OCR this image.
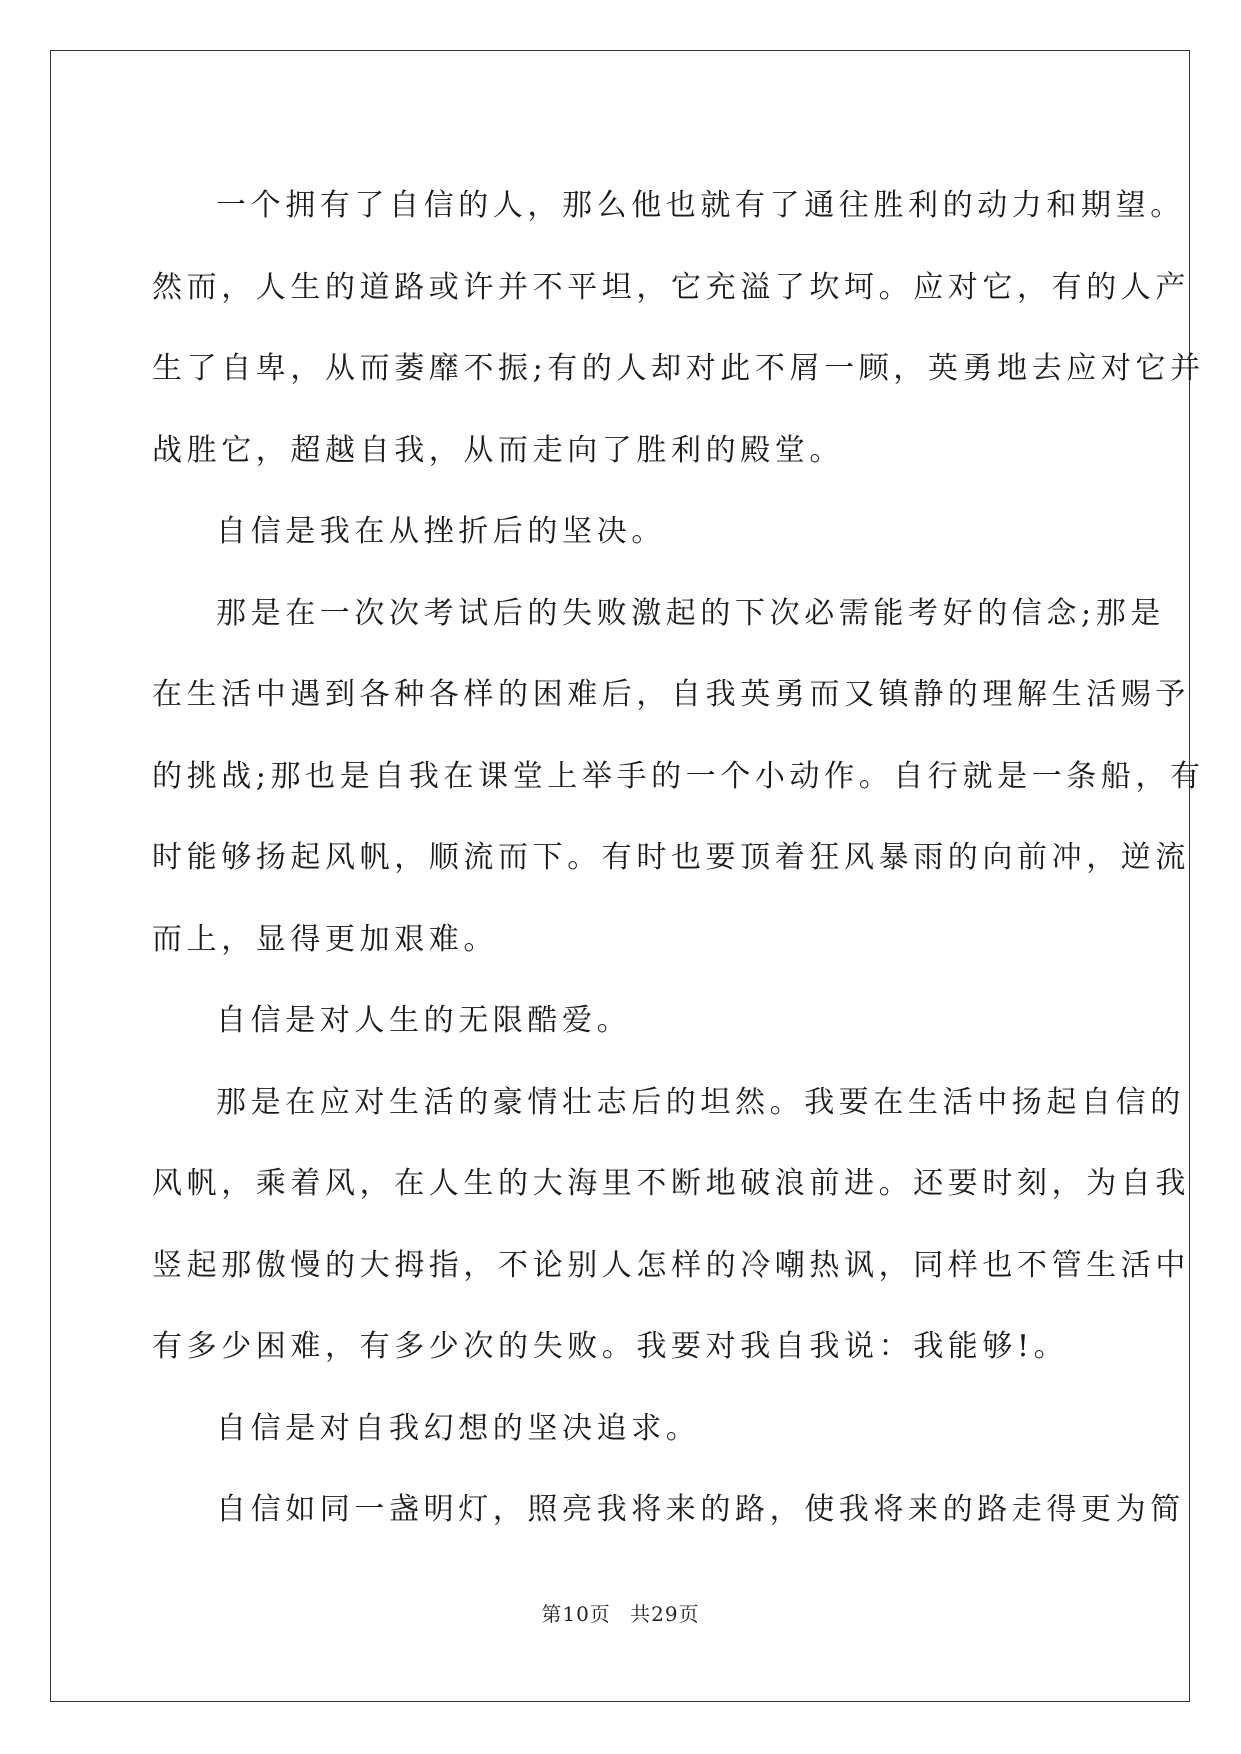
一个拥有了自信的人，那么他也就有了通往胜利的动力和期望。
然而，人生的道路或许并不平坦，它充溢了坎坷。应对它，有的人产
生了自卑，从而萎靡不振;有的人却对此不屑一顾，英勇地去应对它并
战胜它，超越自我，从而走向了胜利的殿堂。

自信是我在从挫折后的坚决。

那是在一次次考试后的失败激起的下次必需能考好的信念;那是
在生活中遇到各种各样的困难后，自我英勇而又镇静的理解生活赐予
的挑战;那也是自我在课堂上举手的一个小动作。自行就是一条船，有
时能够扬起风帆，顺流而下。有时也要顶着狂风暴雨的向前冲，逆流
而上，显得更加艰难。

自信是对人生的无限酷爱。

那是在应对生活的豪情壮志后的坦然。我要在生活中扬起自信的
风帆，乘着风，在人生的大海里不断地破浪前进。还要时刻，为自我
竖起那傲慢的大拇指，不论别人怎样的冷嘲热讽，同样也不管生活中
有多少困难，有多少次的失败。我要对我自我说：我能够!。

自信是对自我幻想的坚决追求。

自信如同一盏明灯，照亮我将来的路，使我将来的路走得更为简

第10页 共29页
